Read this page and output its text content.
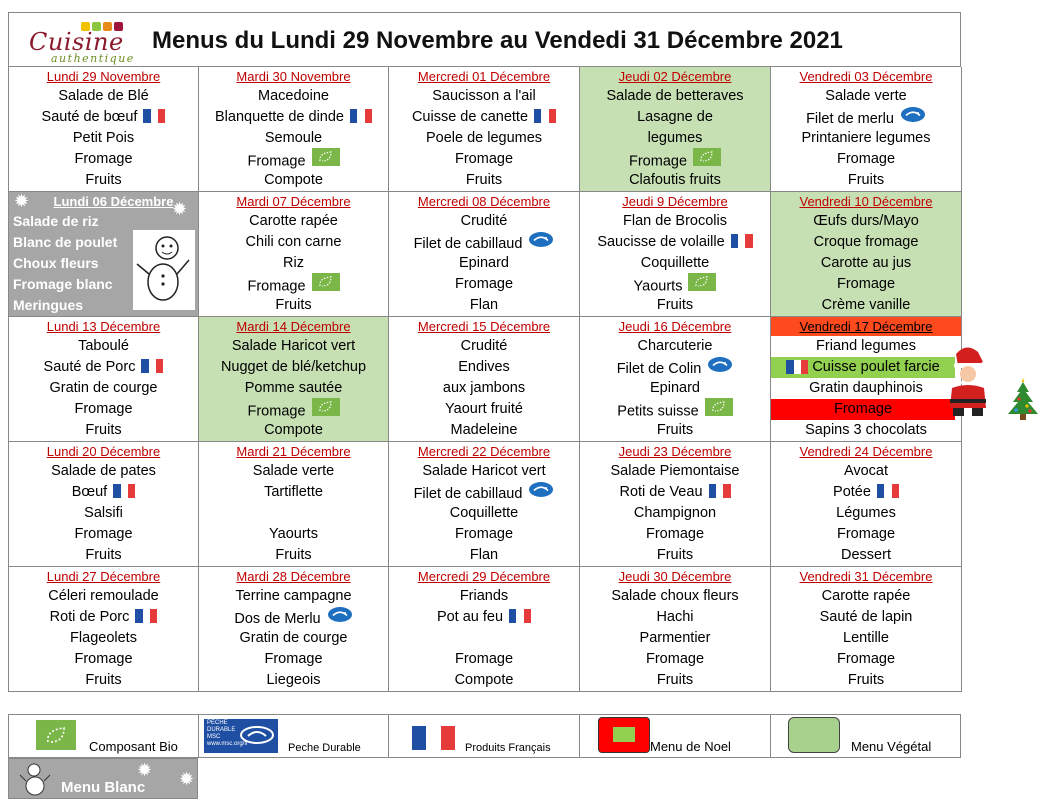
Cuisine
authentique
Menus du Lundi 29 Novembre au Vendedi 31 Décembre 2021
Lundi 29 Novembre
Salade de Blé
Sauté de bœuf
Petit Pois
Fromage
Fruits
Mardi 30 Novembre
Macedoine
Blanquette de dinde
Semoule
Fromage
Compote
Mercredi 01 Décembre
Saucisson a l'ail
Cuisse de canette
Poele de legumes
Fromage
Fruits
Jeudi 02 Décembre
Salade de betteraves
Lasagne de
legumes
Fromage
Clafoutis fruits
Vendredi 03 Décembre
Salade verte
Filet de merlu
Printaniere legumes
Fromage
Fruits
Lundi 06 Décembre
Salade de riz
Blanc de poulet
Choux fleurs
Fromage blanc
Meringues
✹	✹	Mardi 07 Décembre
Carotte rapée
Chili con carne
Riz
Fromage
Fruits
Mercredi 08 Décembre
Crudité
Filet de cabillaud
Epinard
Fromage
Flan
Jeudi 9 Décembre
Flan de Brocolis
Saucisse de volaille
Coquillette
Yaourts
Fruits
Vendredi 10 Décembre
Œufs durs/Mayo
Croque fromage
Carotte au jus
Fromage
Crème vanille
Lundi 13 Décembre
Taboulé
Sauté de Porc
Gratin de courge
Fromage
Fruits
Mardi 14 Décembre
Salade Haricot vert
Nugget de blé/ketchup
Pomme sautée
Fromage
Compote
Mercredi 15 Décembre
Crudité
Endives
aux jambons
Yaourt fruité
Madeleine
Jeudi 16 Décembre
Charcuterie
Filet de Colin
Epinard
Petits suisse
Fruits
Vendredi 17 Décembre
Friand legumes
Cuisse poulet farcie
Gratin dauphinois
Fromage
Sapins 3 chocolats
Lundi 20 Décembre
Salade de pates
Bœuf
Salsifi
Fromage
Fruits
Mardi 21 Décembre
Salade verte
Tartiflette
Yaourts
Fruits
Mercredi 22 Décembre
Salade Haricot vert
Filet de cabillaud
Coquillette
Fromage
Flan
Jeudi 23 Décembre
Salade Piemontaise
Roti de Veau
Champignon
Fromage
Fruits
Vendredi 24 Décembre
Avocat
Potée
Légumes
Fromage
Dessert
Lundi 27 Décembre
Céleri remoulade
Roti de Porc
Flageolets
Fromage
Fruits
Mardi 28 Décembre
Terrine campagne
Dos de Merlu
Gratin de courge
Fromage
Liegeois
Mercredi 29 Décembre
Friands
Pot au feu
Fromage
Compote
Jeudi 30 Décembre
Salade choux fleurs
Hachi
Parmentier
Fromage
Fruits
Vendredi 31 Décembre
Carotte rapée
Sauté de lapin
Lentille
Fromage
Fruits
Composant Bio
PÊCHE
DURABLE
MSC
www.msc.org/fr	Peche Durable	Produits Français	Menu de Noel	Menu Végétal
✹ ✹
Menu Blanc
